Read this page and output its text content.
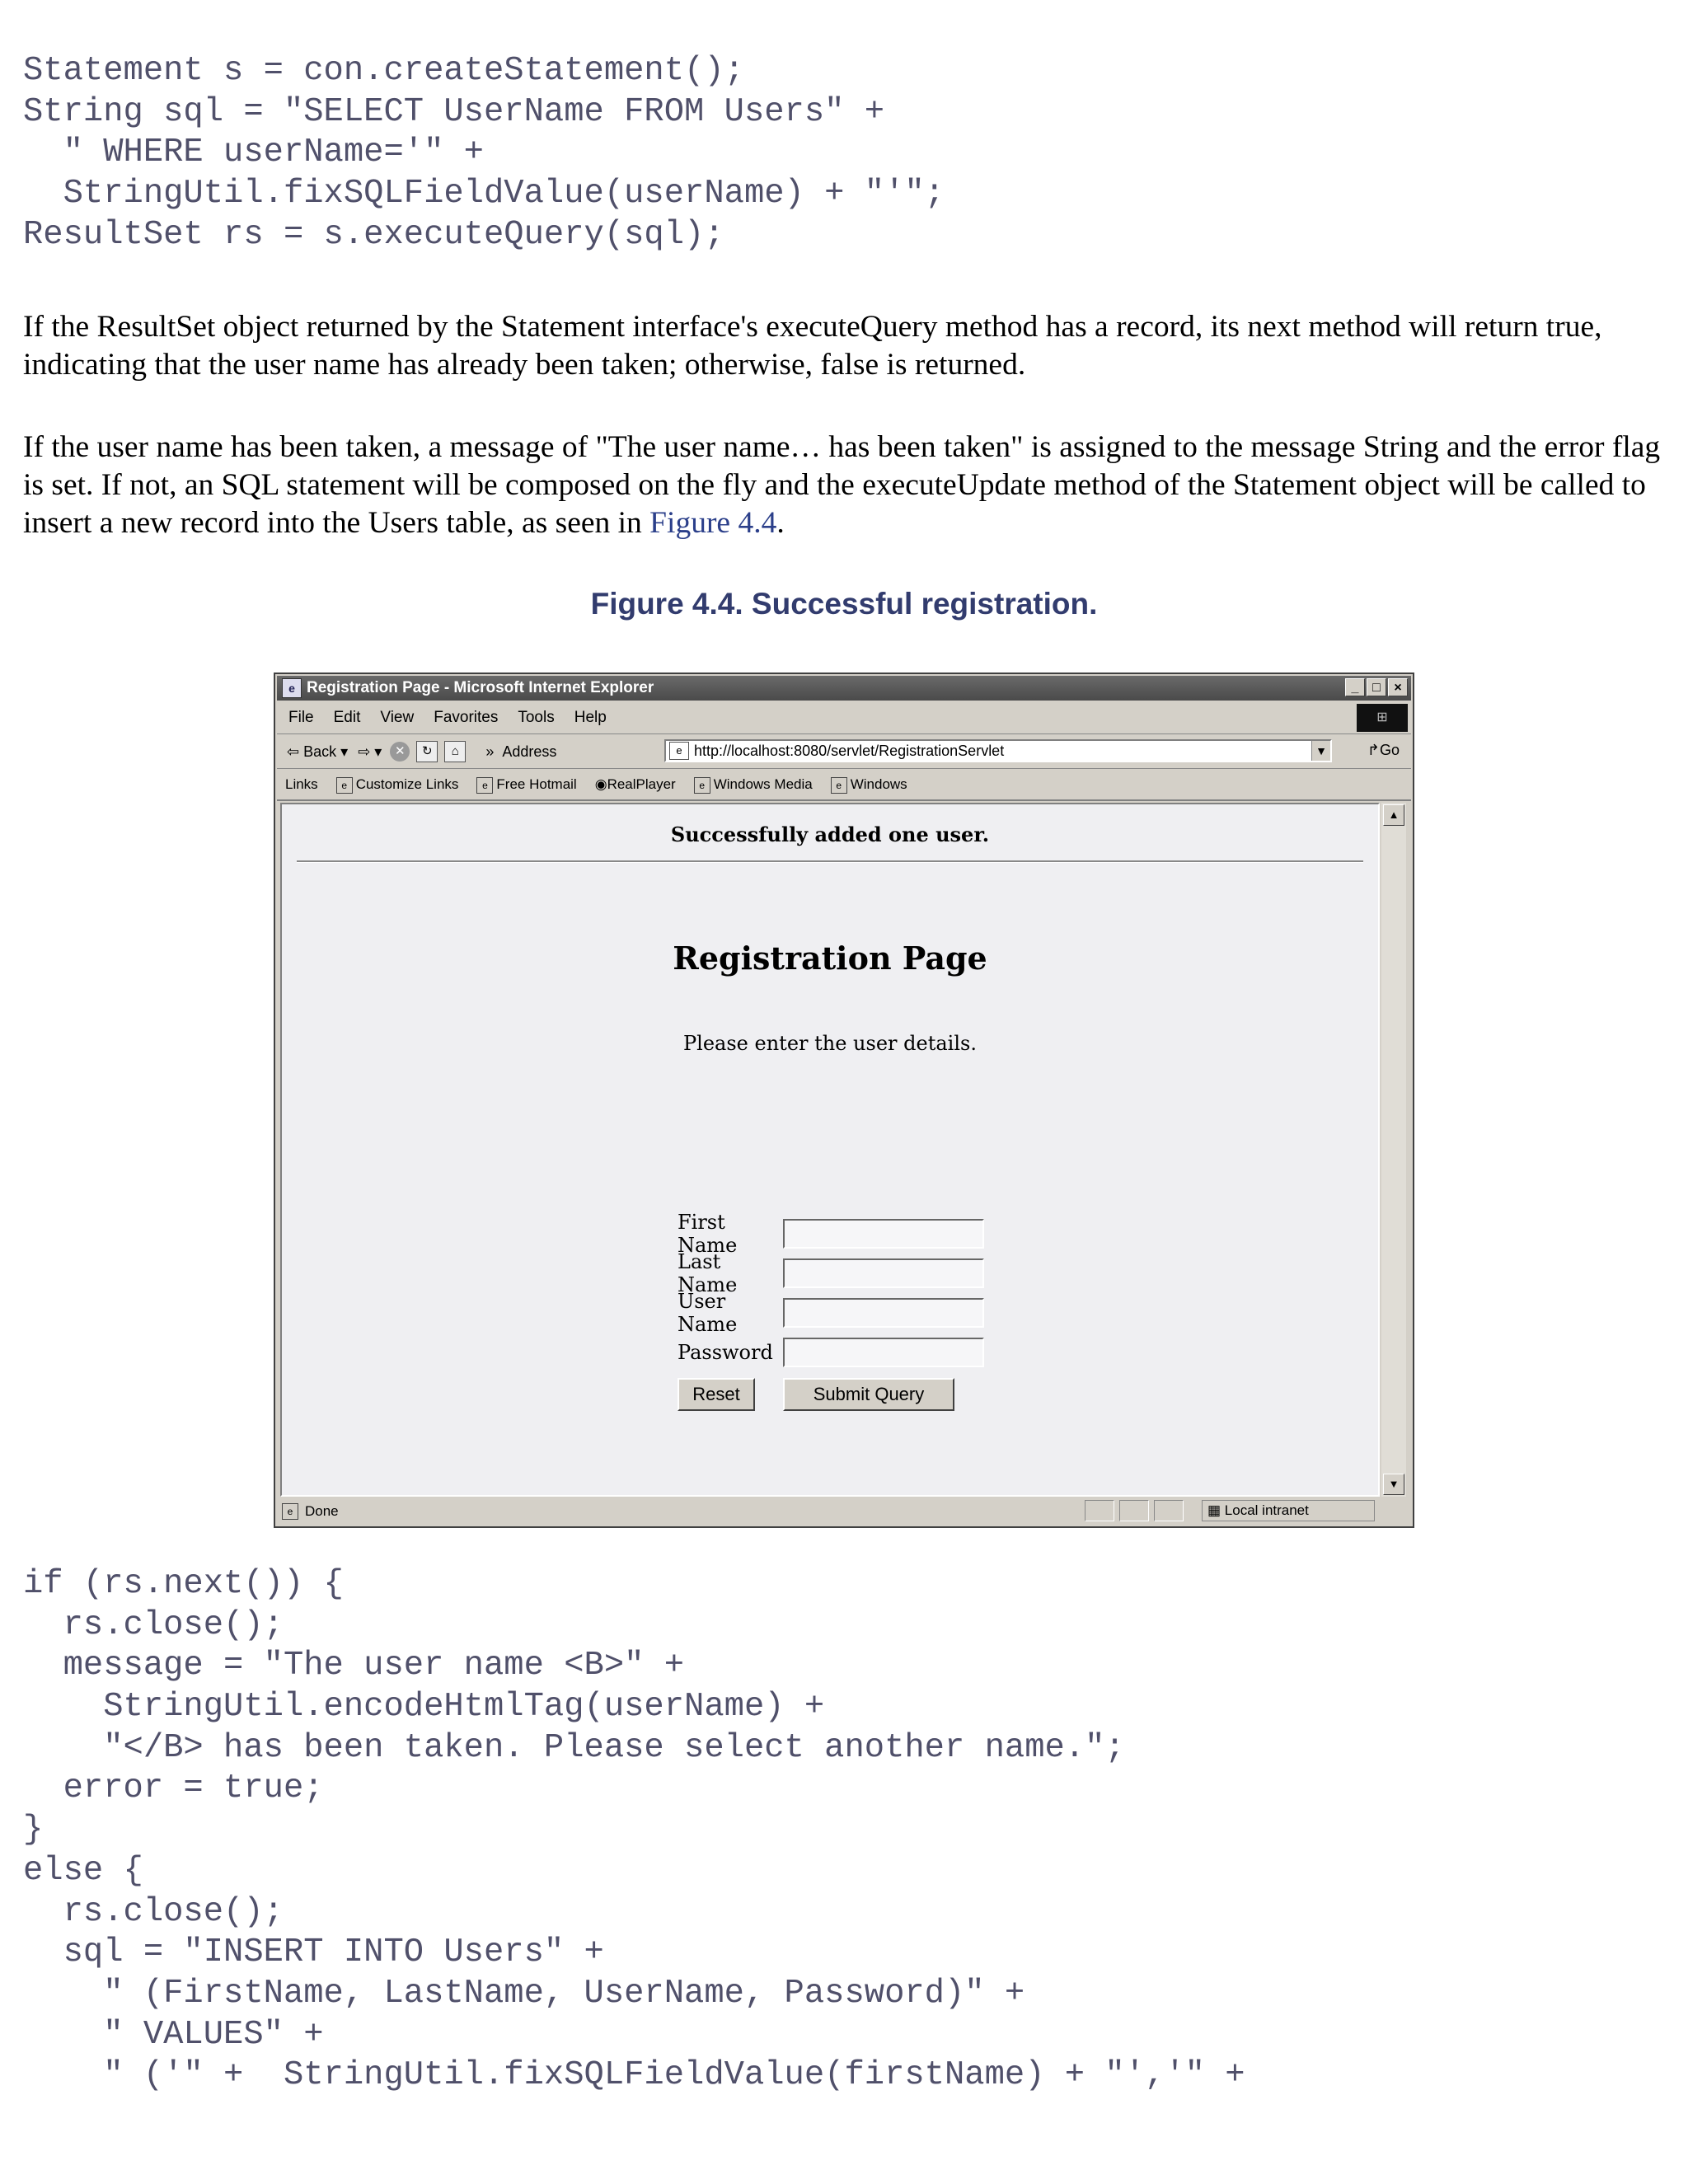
Statement s = con.createStatement();
String sql = "SELECT UserName FROM Users" +
" WHERE userName='" +
StringUtil.fixSQLFieldValue(userName) + "'";
ResultSet rs = s.executeQuery(sql);

If the ResultSet object returned by the Statement interface's executeQuery method has a record, its next method will return true, indicating that the user name has already been taken; otherwise, false is returned.

If the user name has been taken, a message of "The user name… has been taken" is assigned to the message String and the error flag is set. If not, an SQL statement will be composed on the fly and the executeUpdate method of the Statement object will be called to insert a new record into the Users table, as seen in Figure 4.4.

Figure 4.4. Successful registration.

e Registration Page - Microsoft Internet Explorer	_	□	×
File Edit View Favorites Tools Help	⊞
⇦ Back ▾ ⇨ ▾	✕	↻	⌂	» Address	e http://localhost:8080/servlet/RegistrationServlet	▼	↱Go
Links	e Customize Links	e Free Hotmail ◉RealPlayer	e Windows Media	e Windows
Successfully added one user.
Registration Page
Please enter the user details.
First Name
Last Name
User Name
Password
Reset	Submit Query
▲
▼
e Done	▦ Local intranet
if (rs.next()) {
rs.close();
message = "The user name <B>" +
StringUtil.encodeHtmlTag(userName) +
"</B> has been taken. Please select another name.";
error = true;
}
else {
rs.close();
sql = "INSERT INTO Users" +
" (FirstName, LastName, UserName, Password)" +
" VALUES" +
" ('" +  StringUtil.fixSQLFieldValue(firstName) + "','" +
